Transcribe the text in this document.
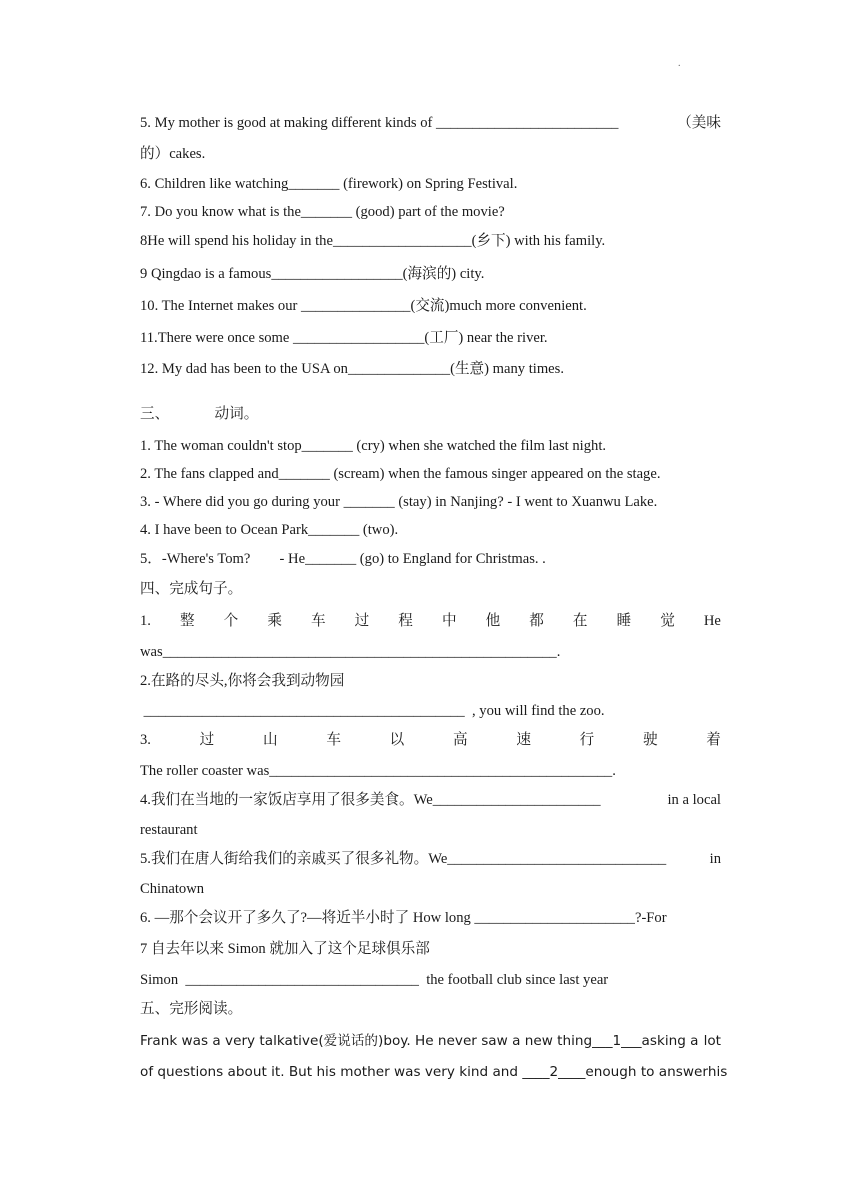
.
5. My mother is good at making different kinds of _________________________	（美味
的）cakes.
6. Children like watching_______ (firework) on Spring Festival.
7. Do you know what is the_______ (good) part of the movie?
8He will spend his holiday in the___________________(乡下) with his family.
9 Qingdao is a famous__________________(海滨的) city.
10. The Internet makes our _______________(交流)much more convenient.
11.There were once some __________________(工厂) near the river.
12. My dad has been to the USA on______________(生意) many times.
三、	动词。
1. The woman couldn't stop_______ (cry) when she watched the film last night.
2. The fans clapped and_______ (scream) when the famous singer appeared on the stage.
3. - Where did you go during your _______ (stay) in Nanjing? - I went to Xuanwu Lake.
4. I have been to Ocean Park_______ (two).
5．-Where's Tom?        - He_______ (go) to England for Christmas. .
四、完成句子。
1. 整 个 乘 车 过 程 中 他 都 在 睡 觉 He
was______________________________________________________.
2.在路的尽头,你将会我到动物园
____________________________________________  , you will find the zoo.
3.	过	山	车	以	高	速	行	驶	着
The roller coaster was_______________________________________________.
4.我们在当地的一家饭店享用了很多美食。We_______________________	in a local
restaurant
5.我们在唐人街给我们的亲戚买了很多礼物。We______________________________	in
Chinatown
6. —那个会议开了多久了?—将近半小时了 How long ______________________?-For
7 自去年以来 Simon 就加入了这个足球俱乐部
Simon  ________________________________  the football club since last year
五、完形阅读。
Frank was a very talkative(爱说话的)boy. He never saw a new thing___1___asking a lot
of questions about it. But his mother was very kind and ____2____enough to answer his
